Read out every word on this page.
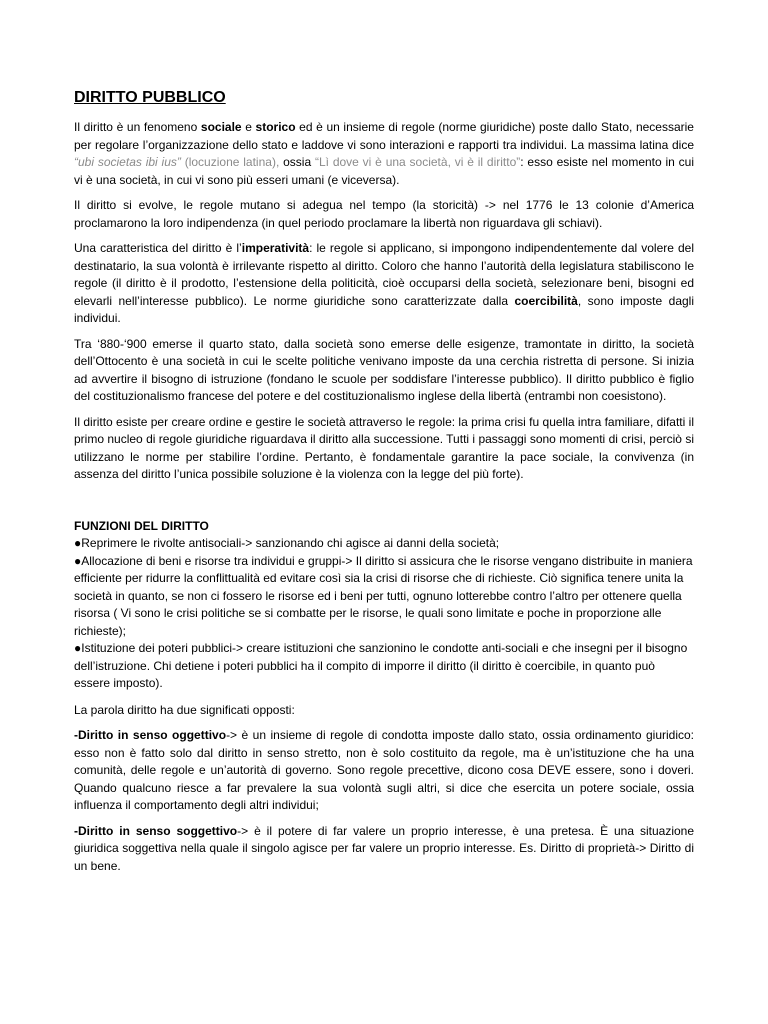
DIRITTO PUBBLICO

Il diritto è un fenomeno sociale e storico ed è un insieme di regole (norme giuridiche) poste dallo Stato, necessarie per regolare l’organizzazione dello stato e laddove vi sono interazioni e rapporti tra individui. La massima latina dice “ubi societas ibi ius” (locuzione latina), ossia “Lì dove vi è una società, vi è il diritto”: esso esiste nel momento in cui vi è una società, in cui vi sono più esseri umani (e viceversa).

Il diritto si evolve, le regole mutano si adegua nel tempo (la storicità) -> nel 1776 le 13 colonie d’America proclamarono la loro indipendenza (in quel periodo proclamare la libertà non riguardava gli schiavi).

Una caratteristica del diritto è l’imperatività: le regole si applicano, si impongono indipendentemente dal volere del destinatario, la sua volontà è irrilevante rispetto al diritto. Coloro che hanno l’autorità della legislatura stabiliscono le regole (il diritto è il prodotto, l’estensione della politicità, cioè occuparsi della società, selezionare beni, bisogni ed elevarli nell’interesse pubblico). Le norme giuridiche sono caratterizzate dalla coercibilità, sono imposte dagli individui.

Tra ‘880-‘900 emerse il quarto stato, dalla società sono emerse delle esigenze, tramontate in diritto, la società dell’Ottocento è una società in cui le scelte politiche venivano imposte da una cerchia ristretta di persone. Si inizia ad avvertire il bisogno di istruzione (fondano le scuole per soddisfare l’interesse pubblico). Il diritto pubblico è figlio del costituzionalismo francese del potere e del costituzionalismo inglese della libertà (entrambi non coesistono).

Il diritto esiste per creare ordine e gestire le società attraverso le regole: la prima crisi fu quella intra familiare, difatti il primo nucleo di regole giuridiche riguardava il diritto alla successione. Tutti i passaggi sono momenti di crisi, perciò si utilizzano le norme per stabilire l’ordine. Pertanto, è fondamentale garantire la pace sociale, la convivenza (in assenza del diritto l’unica possibile soluzione è la violenza con la legge del più forte).

FUNZIONI DEL DIRITTO

●Reprimere le rivolte antisociali-> sanzionando chi agisce ai danni della società;

●Allocazione di beni e risorse tra individui e gruppi-> Il diritto si assicura che le risorse vengano distribuite in maniera efficiente per ridurre la conflittualità ed evitare così sia la crisi di risorse che di richieste. Ciò significa tenere unita la società in quanto, se non ci fossero le risorse ed i beni per tutti, ognuno lotterebbe contro l’altro per ottenere quella risorsa ( Vi sono le crisi politiche se si combatte per le risorse, le quali sono limitate e poche in proporzione alle richieste);

●Istituzione dei poteri pubblici-> creare istituzioni che sanzionino le condotte anti-sociali e che insegni per il bisogno dell’istruzione. Chi detiene i poteri pubblici ha il compito di imporre il diritto (il diritto è coercibile, in quanto può essere imposto).

La parola diritto ha due significati opposti:

-Diritto in senso oggettivo-> è un insieme di regole di condotta imposte dallo stato, ossia ordinamento giuridico: esso non è fatto solo dal diritto in senso stretto, non è solo costituito da regole, ma è un’istituzione che ha una comunità, delle regole e un’autorità di governo. Sono regole precettive, dicono cosa DEVE essere, sono i doveri. Quando qualcuno riesce a far prevalere la sua volontà sugli altri, si dice che esercita un potere sociale, ossia influenza il comportamento degli altri individui;

-Diritto in senso soggettivo-> è il potere di far valere un proprio interesse, è una pretesa. È una situazione giuridica soggettiva nella quale il singolo agisce per far valere un proprio interesse. Es. Diritto di proprietà-> Diritto di un bene.
